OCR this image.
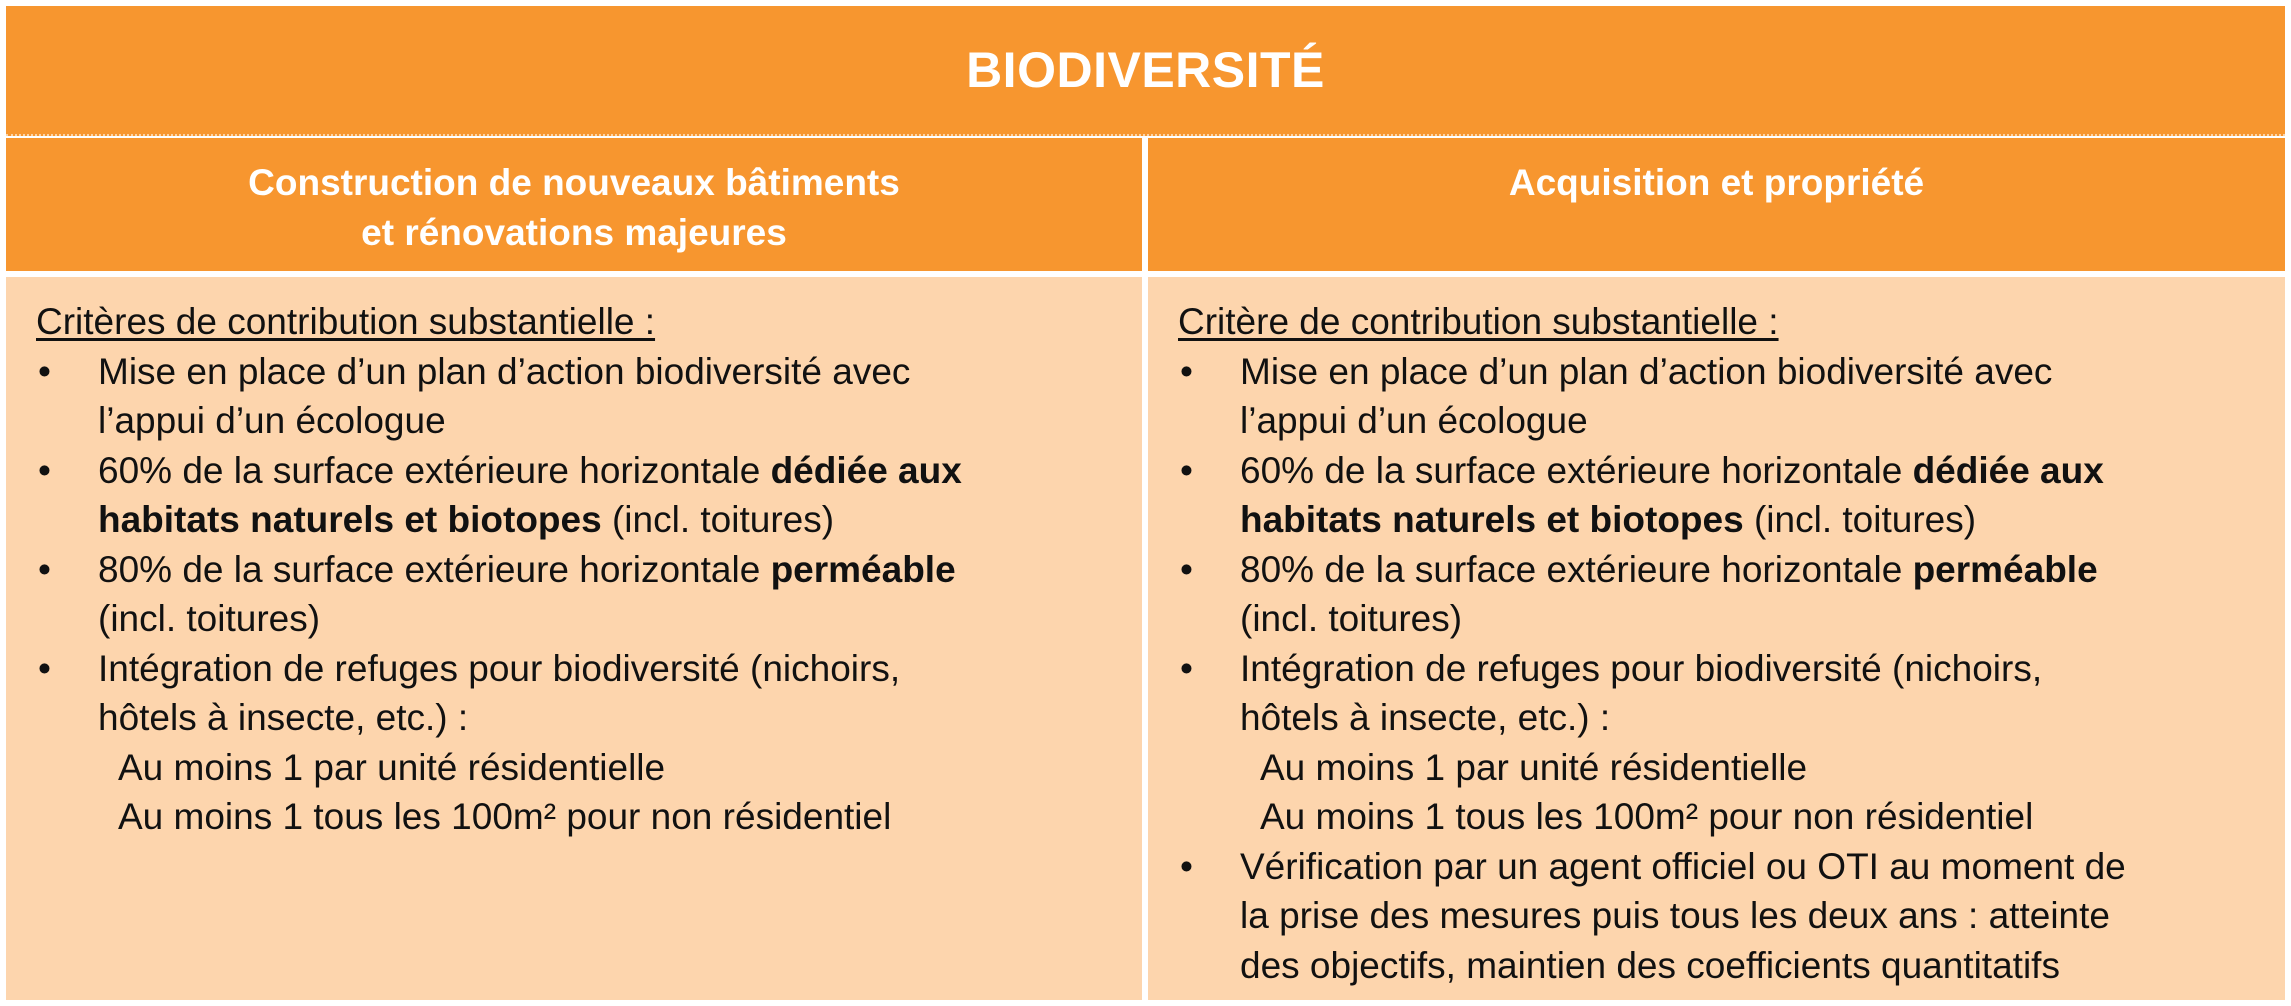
BIODIVERSITÉ
Construction de nouveaux bâtiments
et rénovations majeures
Acquisition et propriété
Critères de contribution substantielle :
• Mise en place d’un plan d’action biodiversité avec
l’appui d’un écologue
• 60% de la surface extérieure horizontale dédiée aux
habitats naturels et biotopes (incl. toitures)
• 80% de la surface extérieure horizontale perméable
(incl. toitures)
• Intégration de refuges pour biodiversité (nichoirs,
hôtels à insecte, etc.) :
Au moins 1 par unité résidentielle
Au moins 1 tous les 100m² pour non résidentiel
Critère de contribution substantielle :
• Mise en place d’un plan d’action biodiversité avec
l’appui d’un écologue
• 60% de la surface extérieure horizontale dédiée aux
habitats naturels et biotopes (incl. toitures)
• 80% de la surface extérieure horizontale perméable
(incl. toitures)
• Intégration de refuges pour biodiversité (nichoirs,
hôtels à insecte, etc.) :
Au moins 1 par unité résidentielle
Au moins 1 tous les 100m² pour non résidentiel
• Vérification par un agent officiel ou OTI au moment de
la prise des mesures puis tous les deux ans : atteinte
des objectifs, maintien des coefficients quantitatifs
